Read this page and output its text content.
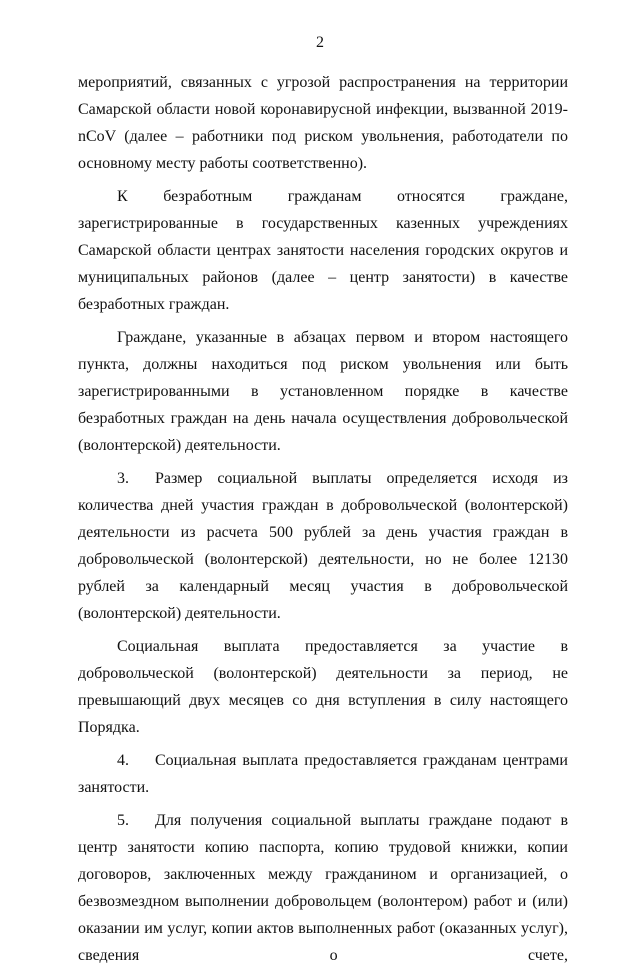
2

мероприятий, связанных с угрозой распространения на территории Самарской области новой коронавирусной инфекции, вызванной 2019-nCoV (далее – работники под риском увольнения, работодатели по основному месту работы соответственно).

К безработным гражданам относятся граждане, зарегистрированные в государственных казенных учреждениях Самарской области центрах занятости населения городских округов и муниципальных районов (далее – центр занятости) в качестве безработных граждан.

Граждане, указанные в абзацах первом и втором настоящего пункта, должны находиться под риском увольнения или быть зарегистрированными в установленном порядке в качестве безработных граждан на день начала осуществления добровольческой (волонтерской) деятельности.

3. Размер социальной выплаты определяется исходя из количества дней участия граждан в добровольческой (волонтерской) деятельности из расчета 500 рублей за день участия граждан в добровольческой (волонтерской) деятельности, но не более 12130 рублей за календарный месяц участия в добровольческой (волонтерской) деятельности.

Социальная выплата предоставляется за участие в добровольческой (волонтерской) деятельности за период, не превышающий двух месяцев со дня вступления в силу настоящего Порядка.

4. Социальная выплата предоставляется гражданам центрами занятости.

5. Для получения социальной выплаты граждане подают в центр занятости копию паспорта, копию трудовой книжки, копии договоров, заключенных между гражданином и организацией, о безвозмездном выполнении добровольцем (волонтером) работ и (или) оказании им услуг, копии актов выполненных работ (оказанных услуг), сведения о счете,
